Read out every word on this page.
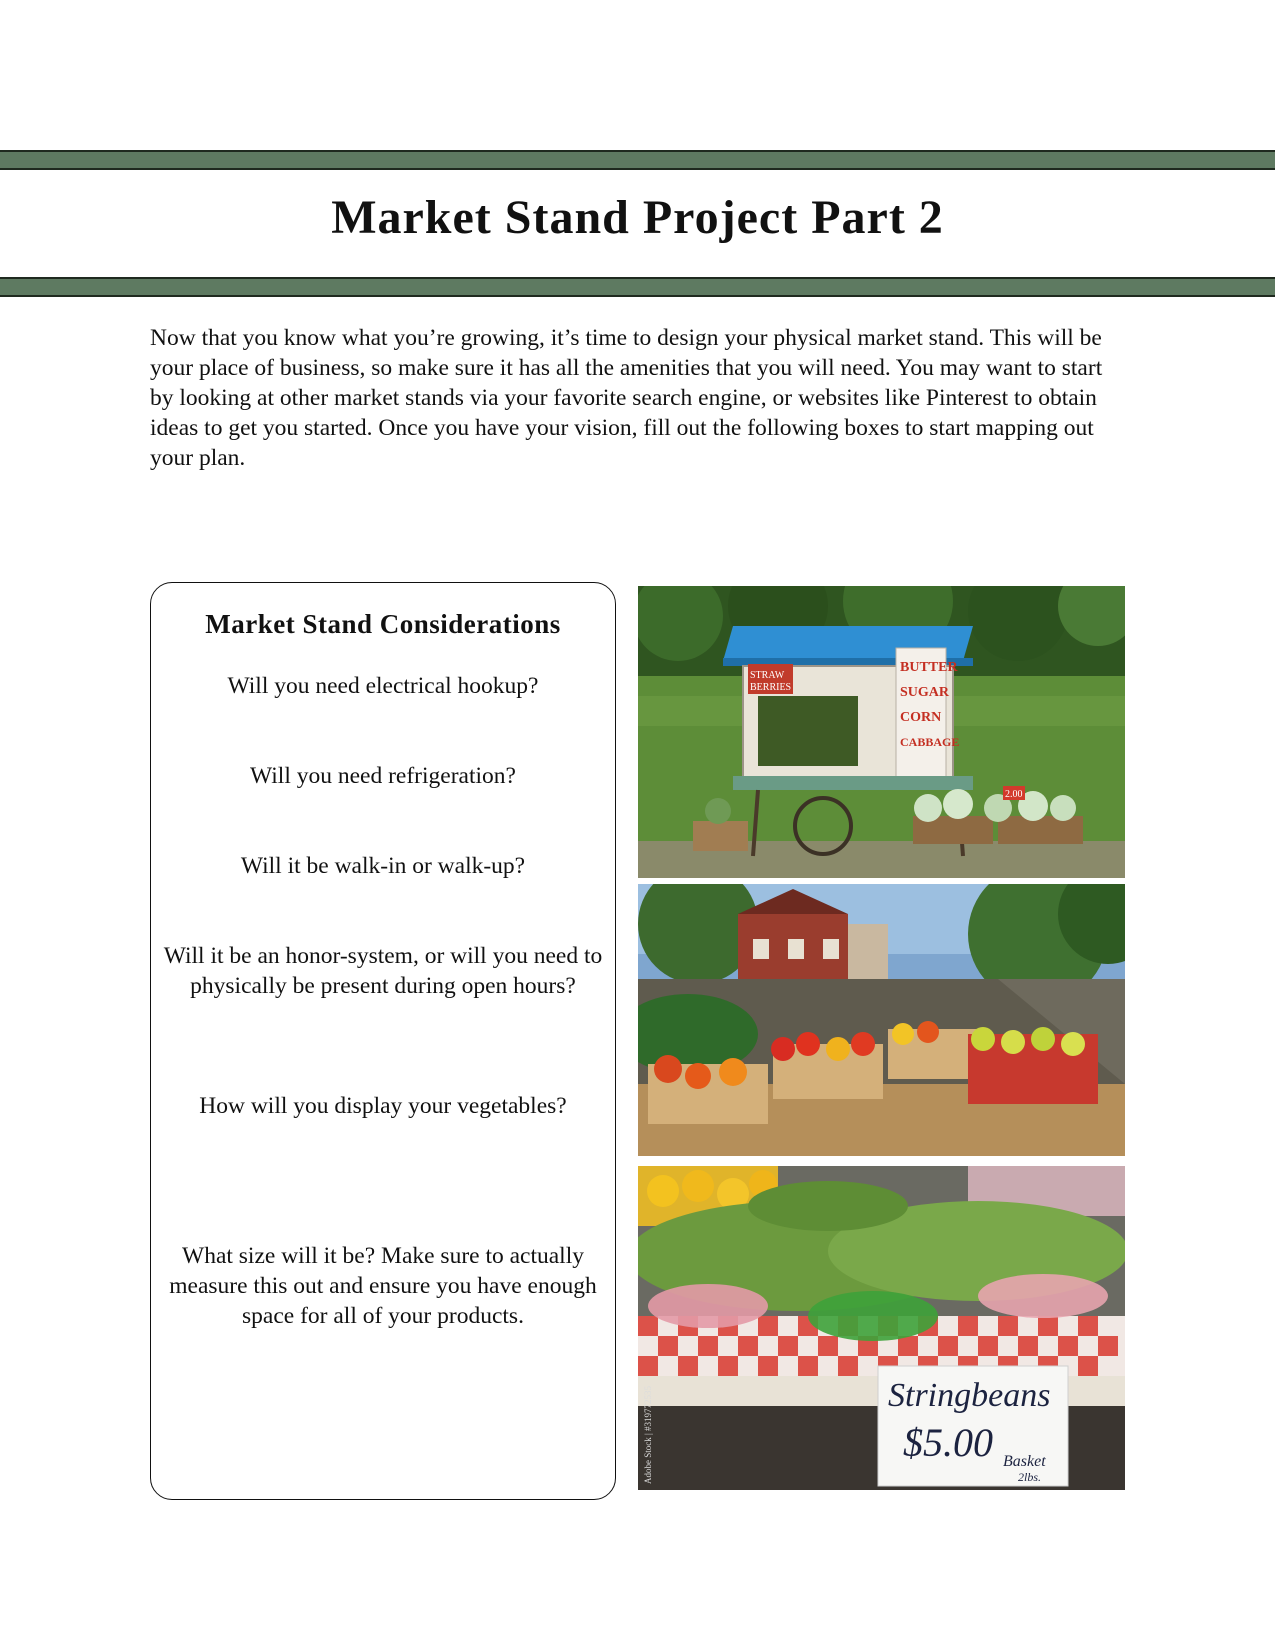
Market Stand Project Part 2

Now that you know what you’re growing, it’s time to design your physical market stand. This will be your place of business, so make sure it has all the amenities that you will need. You may want to start by looking at other market stands via your favorite search engine, or websites like Pinterest to obtain ideas to get you started. Once you have your vision, fill out the following boxes to start mapping out your plan.

Market Stand Considerations

Will you need electrical hookup?

Will you need refrigeration?

Will it be walk-in or walk-up?

Will it be an honor-system, or will you need to physically be present during open hours?

How will you display your vegetables?

What size will it be? Make sure to actually measure this out and ensure you have enough space for all of your products.

STRAW
BERRIES
BUTTER
SUGAR
CORN
CABBAGE
2.00
Stringbeans
$5.00 Basket
2lbs.
Adobe Stock | #319772535
